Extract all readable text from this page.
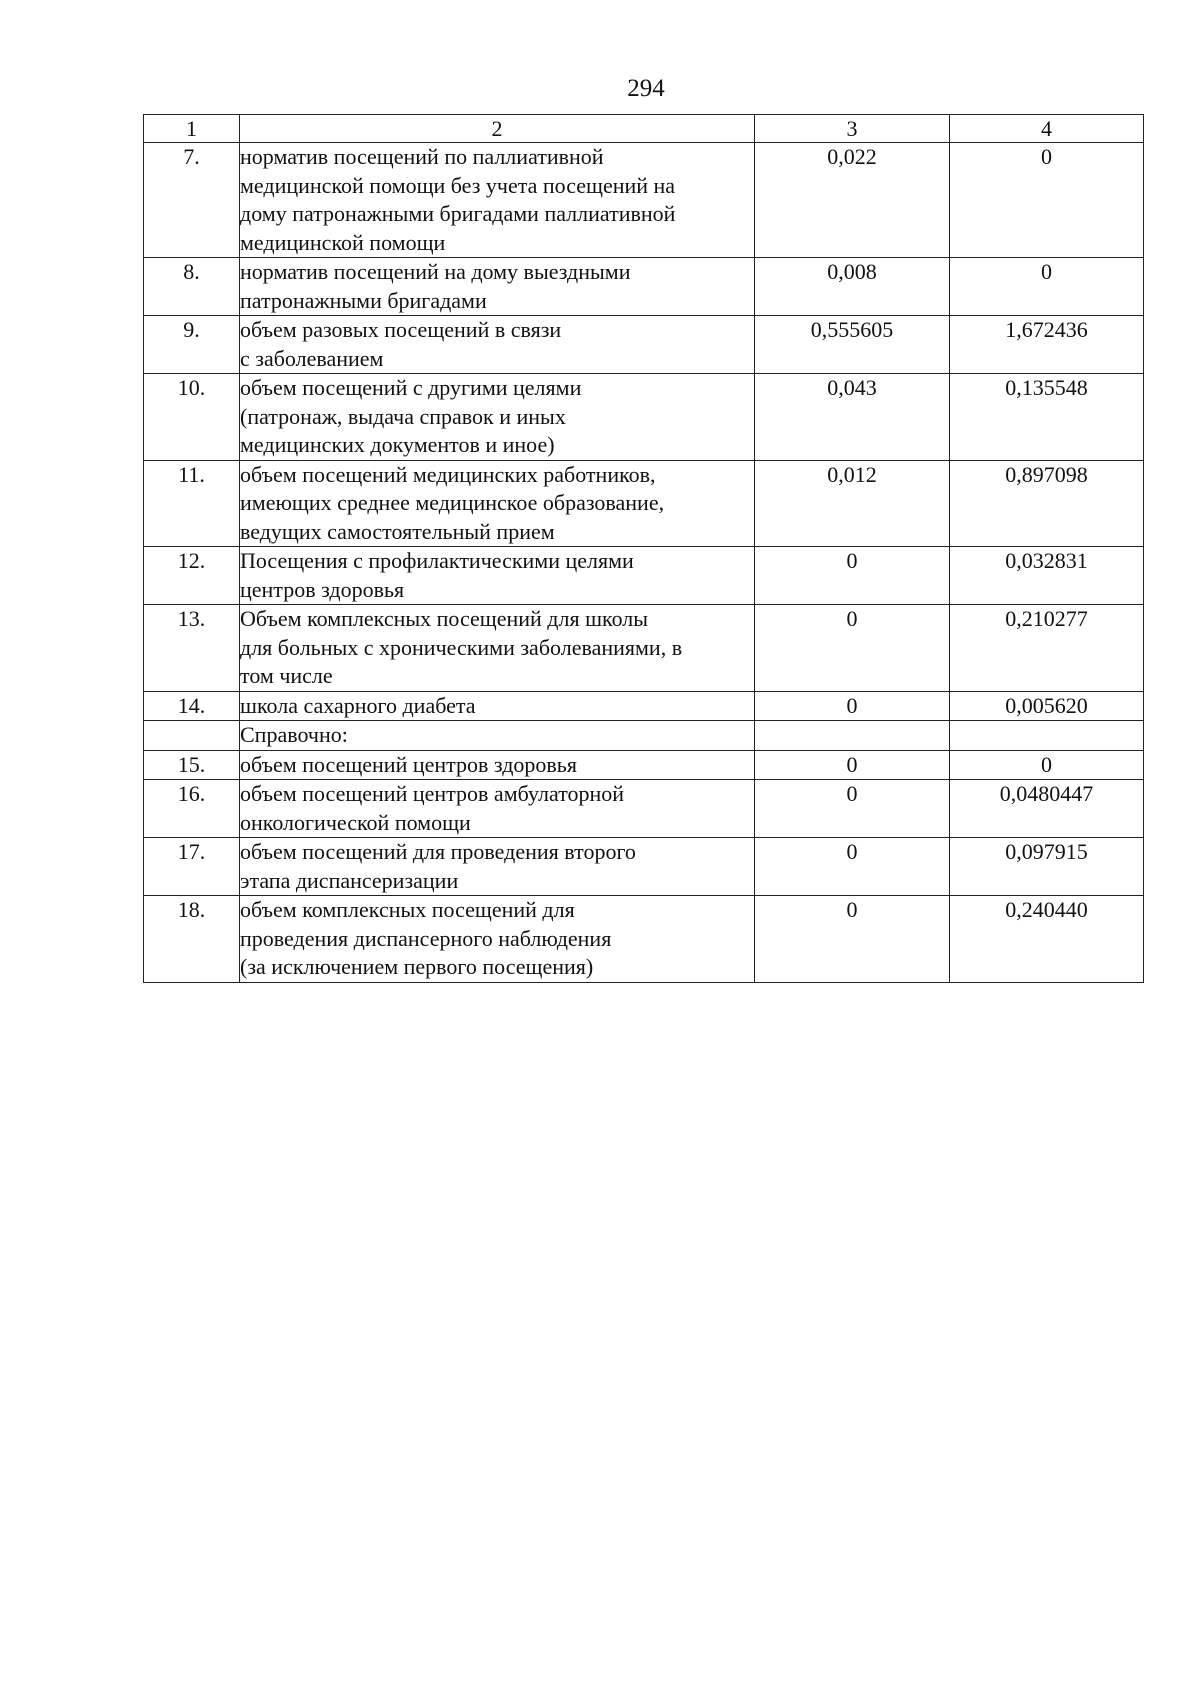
294
1	2	3	4
7.	норматив посещений по паллиативной
медицинской помощи без учета посещений на
дому патронажными бригадами паллиативной
медицинской помощи	0,022	0
8.	норматив посещений на дому выездными
патронажными бригадами	0,008	0
9.	объем разовых посещений в связи
с заболеванием	0,555605	1,672436
10.	объем посещений с другими целями
(патронаж, выдача справок и иных
медицинских документов и иное)	0,043	0,135548
11.	объем посещений медицинских работников,
имеющих среднее медицинское образование,
ведущих самостоятельный прием	0,012	0,897098
12.	Посещения с профилактическими целями
центров здоровья	0	0,032831
13.	Объем комплексных посещений для школы
для больных с хроническими заболеваниями, в
том числе	0	0,210277
14.	школа сахарного диабета	0	0,005620

	Справочно:		

15.	объем посещений центров здоровья	0	0
16.	объем посещений центров амбулаторной
онкологической помощи	0	0,0480447
17.	объем посещений для проведения второго
этапа диспансеризации	0	0,097915
18.	объем комплексных посещений для
проведения диспансерного наблюдения
(за исключением первого посещения)	0	0,240440
